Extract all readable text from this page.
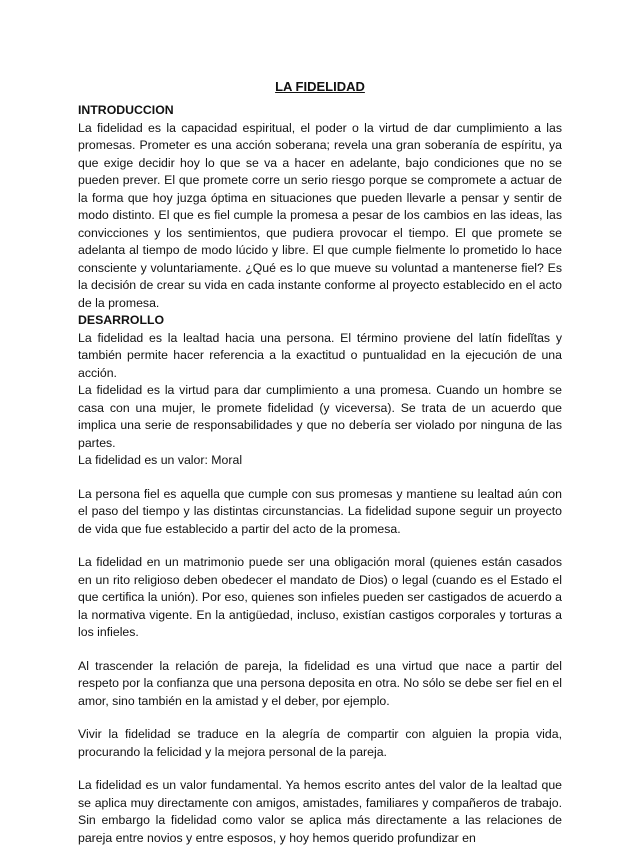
LA FIDELIDAD

INTRODUCCION

La fidelidad es la capacidad espiritual, el poder o la virtud de dar cumplimiento a las promesas. Prometer es una acción soberana; revela una gran soberanía de espíritu, ya que exige decidir hoy lo que se va a hacer en adelante, bajo condiciones que no se pueden prever. El que promete corre un serio riesgo porque se compromete a actuar de la forma que hoy juzga óptima en situaciones que pueden llevarle a pensar y sentir de modo distinto. El que es fiel cumple la promesa a pesar de los cambios en las ideas, las convicciones y los sentimientos, que pudiera provocar el tiempo. El que promete se adelanta al tiempo de modo lúcido y libre. El que cumple fielmente lo prometido lo hace consciente y voluntariamente. ¿Qué es lo que mueve su voluntad a mantenerse fiel? Es la decisión de crear su vida en cada instante conforme al proyecto establecido en el acto de la promesa.

DESARROLLO

La fidelidad es la lealtad hacia una persona. El término proviene del latín fidelĭtas y también permite hacer referencia a la exactitud o puntualidad en la ejecución de una acción.

La fidelidad es la virtud para dar cumplimiento a una promesa. Cuando un hombre se casa con una mujer, le promete fidelidad (y viceversa). Se trata de un acuerdo que implica una serie de responsabilidades y que no debería ser violado por ninguna de las partes.

La fidelidad es un valor: Moral

La persona fiel es aquella que cumple con sus promesas y mantiene su lealtad aún con el paso del tiempo y las distintas circunstancias. La fidelidad supone seguir un proyecto de vida que fue establecido a partir del acto de la promesa.

La fidelidad en un matrimonio puede ser una obligación moral (quienes están casados en un rito religioso deben obedecer el mandato de Dios) o legal (cuando es el Estado el que certifica la unión). Por eso, quienes son infieles pueden ser castigados de acuerdo a la normativa vigente. En la antigüedad, incluso, existían castigos corporales y torturas a los infieles.

Al trascender la relación de pareja, la fidelidad es una virtud que nace a partir del respeto por la confianza que una persona deposita en otra. No sólo se debe ser fiel en el amor, sino también en la amistad y el deber, por ejemplo.

Vivir la fidelidad se traduce en la alegría de compartir con alguien la propia vida, procurando la felicidad y la mejora personal de la pareja.

La fidelidad es un valor fundamental. Ya hemos escrito antes del valor de la lealtad que se aplica muy directamente con amigos, amistades, familiares y compañeros de trabajo. Sin embargo la fidelidad como valor se aplica más directamente a las relaciones de pareja entre novios y entre esposos, y hoy hemos querido profundizar en
